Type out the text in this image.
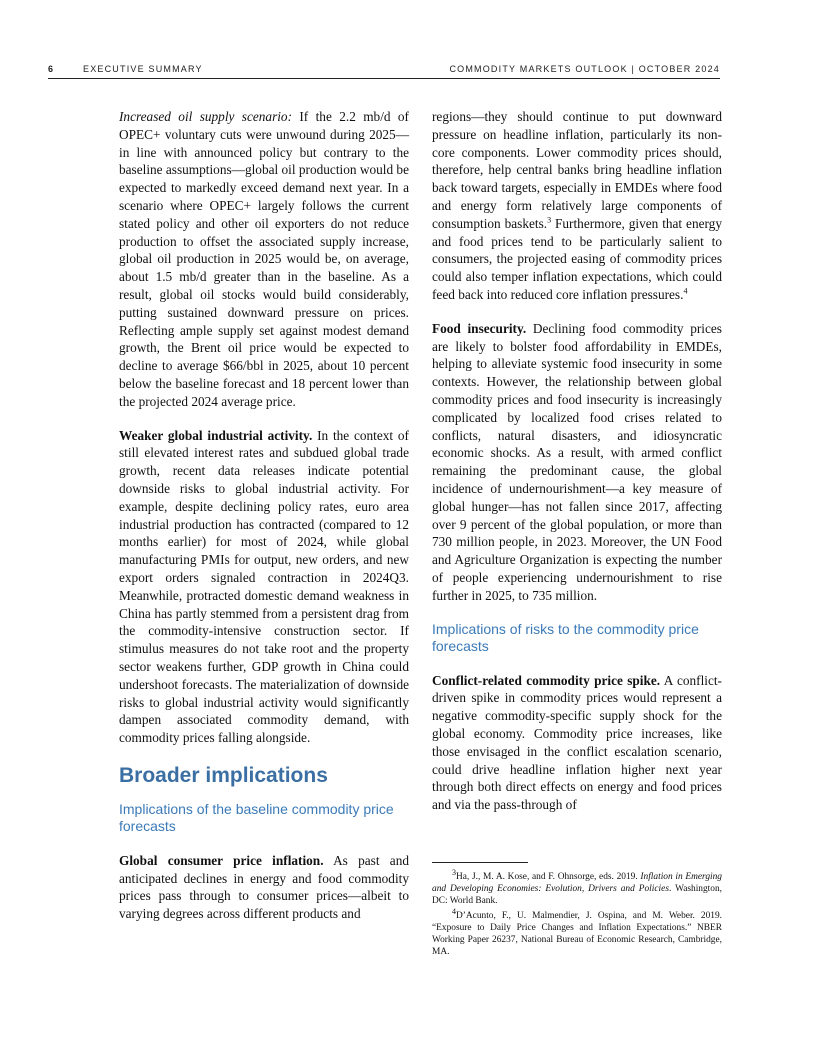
6	EXECUTIVE SUMMARY	COMMODITY MARKETS OUTLOOK | OCTOBER 2024

Increased oil supply scenario: If the 2.2 mb/d of OPEC+ voluntary cuts were unwound during 2025—in line with announced policy but contrary to the baseline assumptions—global oil production would be expected to markedly exceed demand next year. In a scenario where OPEC+ largely follows the current stated policy and other oil exporters do not reduce production to offset the associated supply increase, global oil production in 2025 would be, on average, about 1.5 mb/​d greater than in the baseline. As a result, global oil stocks would build considerably, putting sustained downward pressure on prices. Reflecting ample supply set against modest demand growth, the Brent oil price would be expected to decline to average $66/bbl in 2025, about 10 percent below the baseline forecast and 18 percent lower than the projected 2024 average price.

Weaker global industrial activity. In the context of still elevated interest rates and subdued global trade growth, recent data releases indicate potential downside risks to global industrial activity. For example, despite declining policy rates, euro area industrial production has contracted (compared to 12 months earlier) for most of 2024, while global manufacturing PMIs for output, new orders, and new export orders signaled contraction in 2024Q3. Meanwhile, protracted domestic demand weakness in China has partly stemmed from a persistent drag from the commodity-intensive construction sector. If stimulus measures do not take root and the property sector weakens further, GDP growth in China could undershoot forecasts. The materialization of downside risks to global industrial activity would significantly dampen associated commodity demand, with commodity prices falling alongside.

Broader implications
Implications of the baseline commodity price forecasts

Global consumer price inflation. As past and anticipated declines in energy and food commodity prices pass through to consumer prices—albeit to varying degrees across different products and

regions—they should continue to put downward pressure on headline inflation, particularly its non-core components. Lower commodity prices should, therefore, help central banks bring headline inflation back toward targets, especially in EMDEs where food and energy form relatively large components of consumption baskets.$^3$ Furthermore, given that energy and food prices tend to be particularly salient to consumers, the projected easing of commodity prices could also temper inflation expectations, which could feed back into reduced core inflation pressures.$^4$

Food insecurity. Declining food commodity prices are likely to bolster food affordability in EMDEs, helping to alleviate systemic food insecurity in some contexts. However, the relationship between global commodity prices and food insecurity is increasingly complicated by localized food crises related to conflicts, natural disasters, and idiosyncratic economic shocks. As a result, with armed conflict remaining the predominant cause, the global incidence of undernourishment—a key measure of global hunger—has not fallen since 2017, affecting over 9 percent of the global population, or more than 730 million people, in 2023. Moreover, the UN Food and Agriculture Organization is expecting the number of people experiencing undernourishment to rise further in 2025, to 735 million.

Implications of risks to the commodity price forecasts

Conflict-related commodity price spike. A conflict-driven spike in commodity prices would represent a negative commodity-specific supply shock for the global economy. Commodity price increases, like those envisaged in the conflict escalation scenario, could drive headline inflation higher next year through both direct effects on energy and food prices and via the pass-through of

$^3$Ha, J., M. A. Kose, and F. Ohnsorge, eds. 2019. Inflation in Emerging and Developing Economies: Evolution, Drivers and Policies. Washington, DC: World Bank.

$^4$D’Acunto, F., U. Malmendier, J. Ospina, and M. Weber. 2019. “Exposure to Daily Price Changes and Inflation Expectations.” NBER Working Paper 26237, National Bureau of Economic Research, Cambridge, MA.
